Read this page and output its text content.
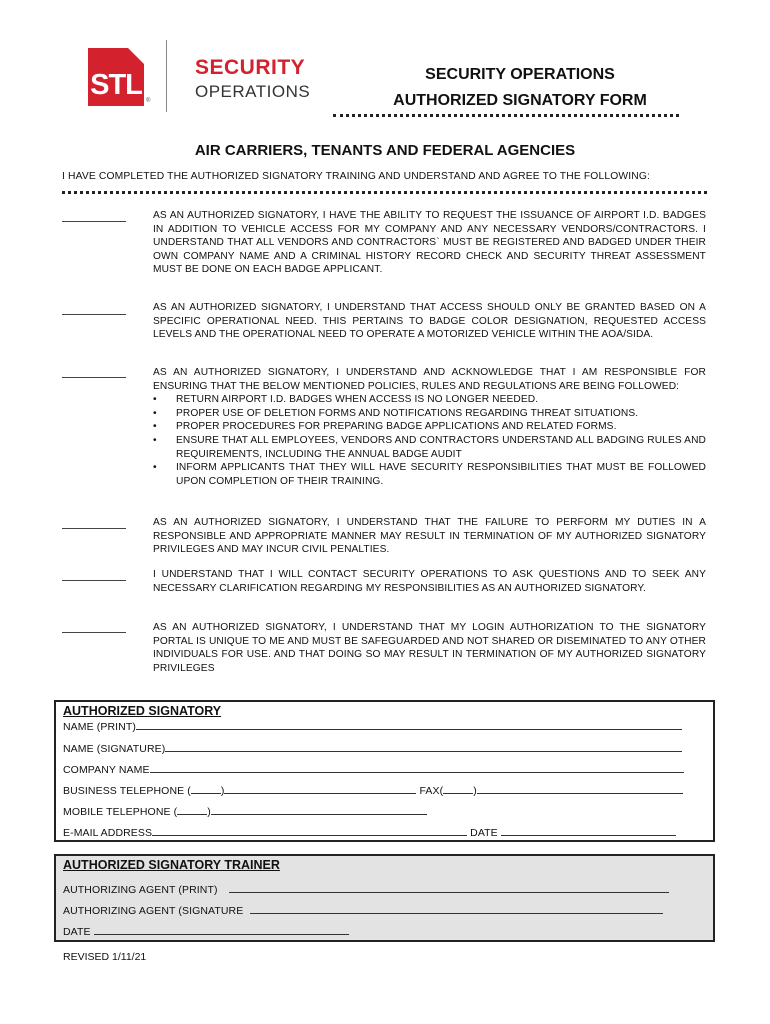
STL ®
SECURITY
OPERATIONS
SECURITY OPERATIONS
AUTHORIZED SIGNATORY FORM
AIR CARRIERS, TENANTS AND FEDERAL AGENCIES
I HAVE COMPLETED THE AUTHORIZED SIGNATORY TRAINING AND UNDERSTAND AND AGREE TO THE FOLLOWING:
AS AN AUTHORIZED SIGNATORY, I HAVE THE ABILITY TO REQUEST THE ISSUANCE OF AIRPORT I.D. BADGES IN ADDITION TO VEHICLE ACCESS FOR MY COMPANY AND ANY NECESSARY VENDORS/CONTRACTORS. I UNDERSTAND THAT ALL VENDORS AND CONTRACTORS` MUST BE REGISTERED AND BADGED UNDER THEIR OWN COMPANY NAME AND A CRIMINAL HISTORY RECORD CHECK AND SECURITY THREAT ASSESSMENT MUST BE DONE ON EACH BADGE APPLICANT.
AS AN AUTHORIZED SIGNATORY, I UNDERSTAND THAT ACCESS SHOULD ONLY BE GRANTED BASED ON A SPECIFIC OPERATIONAL NEED. THIS PERTAINS TO BADGE COLOR DESIGNATION, REQUESTED ACCESS LEVELS AND THE OPERATIONAL NEED TO OPERATE A MOTORIZED VEHICLE WITHIN THE AOA/SIDA.
AS AN AUTHORIZED SIGNATORY, I UNDERSTAND AND ACKNOWLEDGE THAT I AM RESPONSIBLE FOR ENSURING THAT THE BELOW MENTIONED POLICIES, RULES AND REGULATIONS ARE BEING FOLLOWED:
• RETURN AIRPORT I.D. BADGES WHEN ACCESS IS NO LONGER NEEDED.
• PROPER USE OF DELETION FORMS AND NOTIFICATIONS REGARDING THREAT SITUATIONS.
• PROPER PROCEDURES FOR PREPARING BADGE APPLICATIONS AND RELATED FORMS.
• ENSURE THAT ALL EMPLOYEES, VENDORS AND CONTRACTORS UNDERSTAND ALL BADGING RULES AND REQUIREMENTS, INCLUDING THE ANNUAL BADGE AUDIT
• INFORM APPLICANTS THAT THEY WILL HAVE SECURITY RESPONSIBILITIES THAT MUST BE FOLLOWED UPON COMPLETION OF THEIR TRAINING.
AS AN AUTHORIZED SIGNATORY, I UNDERSTAND THAT THE FAILURE TO PERFORM MY DUTIES IN A RESPONSIBLE AND APPROPRIATE MANNER MAY RESULT IN TERMINATION OF MY AUTHORIZED SIGNATORY PRIVILEGES AND MAY INCUR CIVIL PENALTIES.
I UNDERSTAND THAT I WILL CONTACT SECURITY OPERATIONS TO ASK QUESTIONS AND TO SEEK ANY NECESSARY CLARIFICATION REGARDING MY RESPONSIBILITIES AS AN AUTHORIZED SIGNATORY.
AS AN AUTHORIZED SIGNATORY, I UNDERSTAND THAT MY LOGIN AUTHORIZATION TO THE SIGNATORY PORTAL IS UNIQUE TO ME AND MUST BE SAFEGUARDED AND NOT SHARED OR DISEMINATED TO ANY OTHER INDIVIDUALS FOR USE. AND THAT DOING SO MAY RESULT IN TERMINATION OF MY AUTHORIZED SIGNATORY PRIVILEGES
AUTHORIZED SIGNATORY
NAME (PRINT)
NAME (SIGNATURE)
COMPANY NAME
BUSINESS TELEPHONE (	)	FAX(	)
MOBILE TELEPHONE (	)
E-MAIL ADDRESS	DATE
AUTHORIZED SIGNATORY TRAINER
AUTHORIZING AGENT (PRINT)
AUTHORIZING AGENT (SIGNATURE
DATE
REVISED 1/11/21
